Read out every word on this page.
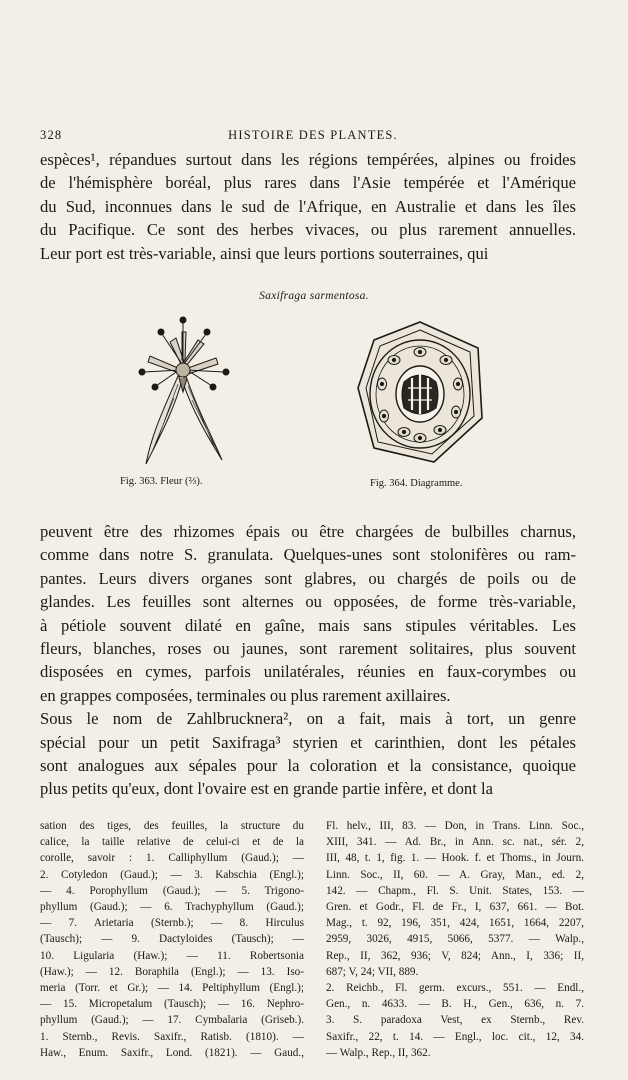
328	HISTOIRE DES PLANTES.
espèces¹, répandues surtout dans les régions tempérées, alpines ou froides
de l'hémisphère boréal, plus rares dans l'Asie tempérée et l'Amérique
du Sud, inconnues dans le sud de l'Afrique, en Australie et dans les îles
du Pacifique. Ce sont des herbes vivaces, ou plus rarement annuelles.
Leur port est très-variable, ainsi que leurs portions souterraines, qui
Saxifraga sarmentosa.
Fig. 363. Fleur (⅔).	Fig. 364. Diagramme.
peuvent être des rhizomes épais ou être chargées de bulbilles charnus,
comme dans notre S. granulata. Quelques-unes sont stolonifères ou ram-
pantes. Leurs divers organes sont glabres, ou chargés de poils ou de
glandes. Les feuilles sont alternes ou opposées, de forme très-variable,
à pétiole souvent dilaté en gaîne, mais sans stipules véritables. Les
fleurs, blanches, roses ou jaunes, sont rarement solitaires, plus souvent
disposées en cymes, parfois unilatérales, réunies en faux-corymbes ou
en grappes composées, terminales ou plus rarement axillaires.
Sous le nom de Zahlbrucknera², on a fait, mais à tort, un genre
spécial pour un petit Saxifraga³ styrien et carinthien, dont les pétales
sont analogues aux sépales pour la coloration et la consistance, quoique
plus petits qu'eux, dont l'ovaire est en grande partie infère, et dont la
sation des tiges, des feuilles, la structure du
calice, la taille relative de celui-ci et de la
corolle, savoir : 1. Calliphyllum (Gaud.); —
2. Cotyledon (Gaud.); — 3. Kabschia (Engl.);
— 4. Porophyllum (Gaud.); — 5. Trigono-
phyllum (Gaud.); — 6. Trachyphyllum (Gaud.);
— 7. Arietaria (Sternb.); — 8. Hirculus
(Tausch); — 9. Dactyloides (Tausch); —
10. Ligularia (Haw.); — 11. Robertsonia
(Haw.); — 12. Boraphila (Engl.); — 13. Iso-
meria (Torr. et Gr.); — 14. Peltiphyllum (Engl.);
— 15. Micropetalum (Tausch); — 16. Nephro-
phyllum (Gaud.); — 17. Cymbalaria (Griseb.).
1. Sternb., Revis. Saxifr., Ratisb. (1810). —
Haw., Enum. Saxifr., Lond. (1821). — Gaud.,
Fl. helv., III, 83. — Don, in Trans. Linn. Soc.,
XIII, 341. — Ad. Br., in Ann. sc. nat., sér. 2,
III, 48, t. 1, fig. 1. — Hook. f. et Thoms., in Journ.
Linn. Soc., II, 60. — A. Gray, Man., ed. 2,
142. — Chapm., Fl. S. Unit. States, 153. —
Gren. et Godr., Fl. de Fr., I, 637, 661. — Bot.
Mag., t. 92, 196, 351, 424, 1651, 1664, 2207,
2959, 3026, 4915, 5066, 5377. — Walp.,
Rep., II, 362, 936; V, 824; Ann., I, 336; II,
687; V, 24; VII, 889.
2. Reichb., Fl. germ. excurs., 551. — Endl.,
Gen., n. 4633. — B. H., Gen., 636, n. 7.
3. S. paradoxa Vest, ex Sternb., Rev.
Saxifr., 22, t. 14. — Engl., loc. cit., 12, 34.
— Walp., Rep., II, 362.
